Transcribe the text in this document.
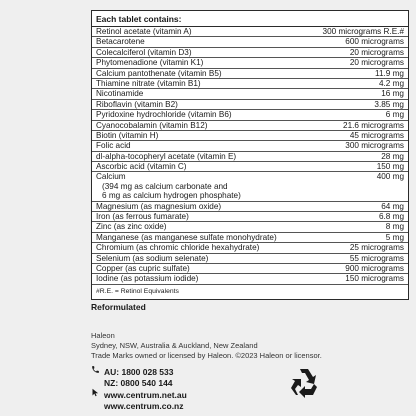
Each tablet contains:
Retinol acetate (vitamin A)	300 micrograms R.E.#
Betacarotene	600 micrograms
Colecalciferol (vitamin D3)	20 micrograms
Phytomenadione (vitamin K1)	20 micrograms
Calcium pantothenate (vitamin B5)	11.9 mg
Thiamine nitrate (vitamin B1)	4.2 mg
Nicotinamide	16 mg
Riboflavin (vitamin B2)	3.85 mg
Pyridoxine hydrochloride (vitamin B6)	6 mg
Cyanocobalamin (vitamin B12)	21.6 micrograms
Biotin (vitamin H)	45 micrograms
Folic acid	300 micrograms
dl-alpha-tocopheryl acetate (vitamin E)	28 mg
Ascorbic acid (vitamin C)	150 mg
Calcium	400 mg
(394 mg as calcium carbonate and
6 mg as calcium hydrogen phosphate)
Magnesium (as magnesium oxide)	64 mg
Iron (as ferrous fumarate)	6.8 mg
Zinc (as zinc oxide)	8 mg
Manganese (as manganese sulfate monohydrate)	5 mg
Chromium (as chromic chloride hexahydrate)	25 micrograms
Selenium (as sodium selenate)	55 micrograms
Copper (as cupric sulfate)	900 micrograms
Iodine (as potassium iodide)	150 micrograms
#R.E. = Retinol Equivalents
Reformulated
Haleon
Sydney, NSW, Australia & Auckland, New Zealand
Trade Marks owned or licensed by Haleon. ©2023 Haleon or licensor.
AU: 1800 028 533
NZ: 0800 540 144
www.centrum.net.au
www.centrum.co.nz
